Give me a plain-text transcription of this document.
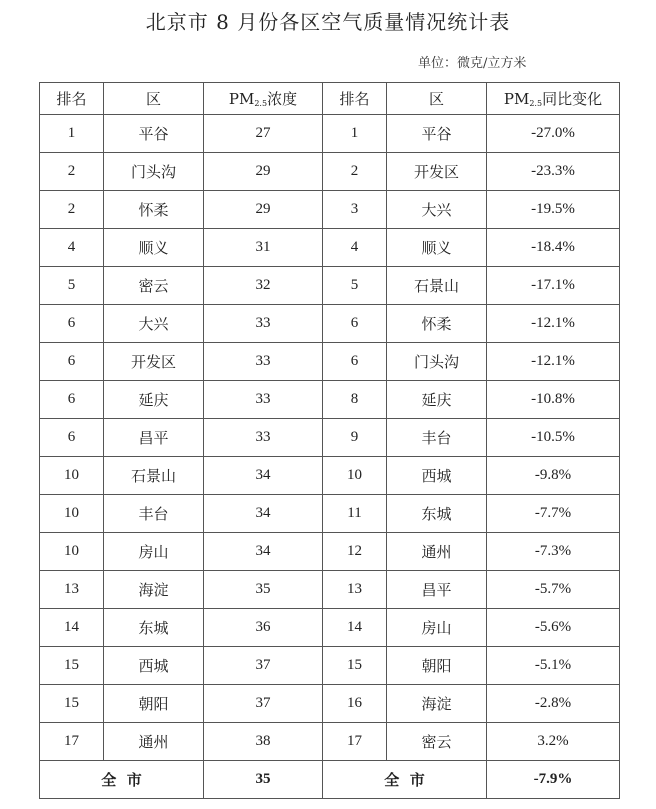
北京市 8 月份各区空气质量情况统计表
单位：微克/立方米
排名	区	$PM_{2.5}$浓度	排名	区	$PM_{2.5}$同比变化
1	平谷	27	1	平谷	-27.0%
2	门头沟	29	2	开发区	-23.3%
2	怀柔	29	3	大兴	-19.5%
4	顺义	31	4	顺义	-18.4%
5	密云	32	5	石景山	-17.1%
6	大兴	33	6	怀柔	-12.1%
6	开发区	33	6	门头沟	-12.1%
6	延庆	33	8	延庆	-10.8%
6	昌平	33	9	丰台	-10.5%
10	石景山	34	10	西城	-9.8%
10	丰台	34	11	东城	-7.7%
10	房山	34	12	通州	-7.3%
13	海淀	35	13	昌平	-5.7%
14	东城	36	14	房山	-5.6%
15	西城	37	15	朝阳	-5.1%
15	朝阳	37	16	海淀	-2.8%
17	通州	38	17	密云	3.2%
全  市		35	全  市		-7.9%
